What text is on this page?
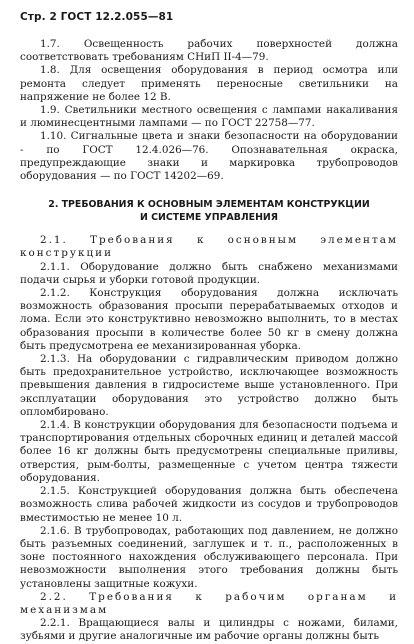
Стр. 2 ГОСТ 12.2.055—81

1.7. Освещенность рабочих поверхностей должна соответствовать требованиям СНиП II-4—79.

1.8. Для освещения оборудования в период осмотра или ремонта следует применять переносные светильники на напряжение не более 12 В.

1.9. Светильники местного освещения с лампами накаливания и люминесцентными лампами — по ГОСТ 22758—77.

1.10. Сигнальные цвета и знаки безопасности на оборудовании - по ГОСТ 12.4.026—76. Опознавательная окраска, предупреждающие знаки и маркировка трубопроводов оборудования — по ГОСТ 14202—69.

2. ТРЕБОВАНИЯ К ОСНОВНЫМ ЭЛЕМЕНТАМ КОНСТРУКЦИИ
И СИСТЕМЕ УПРАВЛЕНИЯ

2.1. Требования к основным элементам конструкции

2.1.1. Оборудование должно быть снабжено механизмами подачи сырья и уборки готовой продукции.

2.1.2. Конструкция оборудования должна исключать возможность образования просыпи перерабатываемых отходов и лома. Если это конструктивно невозможно выполнить, то в местах образования просыпи в количестве более 50 кг в смену должна быть предусмотрена ее механизированная уборка.

2.1.3. На оборудовании с гидравлическим приводом должно быть предохранительное устройство, исключающее возможность превышения давления в гидросистеме выше установленного. При эксплуатации оборудования это устройство должно быть опломбировано.

2.1.4. В конструкции оборудования для безопасности подъема и транспортирования отдельных сборочных единиц и деталей массой более 16 кг должны быть предусмотрены специальные приливы, отверстия, рым-болты, размещенные с учетом центра тяжести оборудования.

2.1.5. Конструкцией оборудования должна быть обеспечена возможность слива рабочей жидкости из сосудов и трубопроводов вместимостью не менее 10 л.

2.1.6. В трубопроводах, работающих под давлением, не должно быть разъемных соединений, заглушек и т. п., расположенных в зоне постоянного нахождения обслуживающего персонала. При невозможности выполнения этого требования должны быть установлены защитные кожухи.

2.2. Требования к рабочим органам и механизмам

2.2.1. Вращающиеся валы и цилиндры с ножами, билами, зубьями и другие аналогичные им рабочие органы должны быть
